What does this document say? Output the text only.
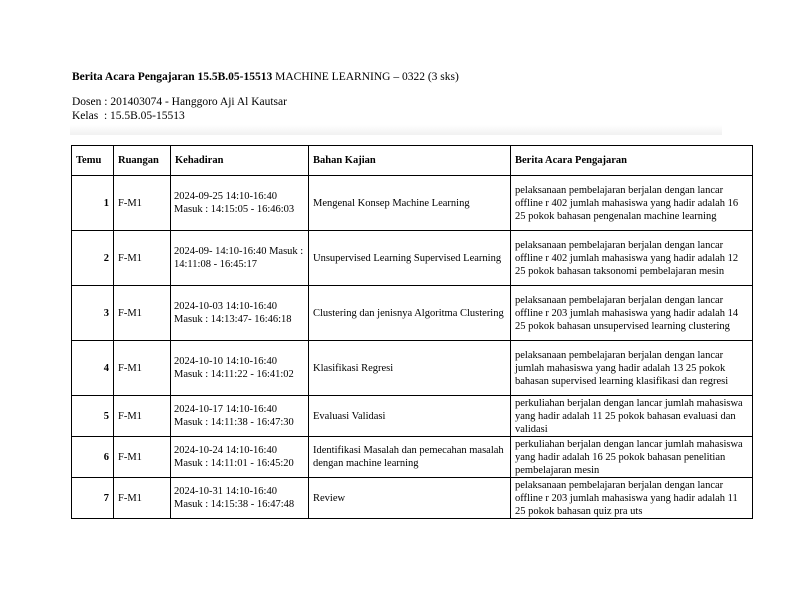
Berita Acara Pengajaran 15.5B.05-15513 MACHINE LEARNING – 0322 (3 sks)
Dosen : 201403074 - Hanggoro Aji Al Kautsar
Kelas : 15.5B.05-15513
Temu	Ruangan	Kehadiran	Bahan Kajian	Berita Acara Pengajaran
1	F-M1	2024-09-25 14:10-16:40 Masuk : 14:15:05 - 16:46:03	Mengenal Konsep Machine Learning	pelaksanaan pembelajaran berjalan dengan lancar offline r 402 jumlah mahasiswa yang hadir adalah 16 25 pokok bahasan pengenalan machine learning
2	F-M1	2024-09- 14:10-16:40 Masuk : 14:11:08 - 16:45:17	Unsupervised Learning Supervised Learning	pelaksanaan pembelajaran berjalan dengan lancar offline r 402 jumlah mahasiswa yang hadir adalah 12 25 pokok bahasan taksonomi pembelajaran mesin
3	F-M1	2024-10-03 14:10-16:40 Masuk : 14:13:47- 16:46:18	Clustering dan jenisnya Algoritma Clustering	pelaksanaan pembelajaran berjalan dengan lancar offline r 203 jumlah mahasiswa yang hadir adalah 14 25 pokok bahasan unsupervised learning clustering
4	F-M1	2024-10-10 14:10-16:40 Masuk : 14:11:22 - 16:41:02	Klasifikasi Regresi	pelaksanaan pembelajaran berjalan dengan lancar jumlah mahasiswa yang hadir adalah 13 25 pokok bahasan supervised learning klasifikasi dan regresi
5	F-M1	2024-10-17 14:10-16:40 Masuk : 14:11:38 - 16:47:30	Evaluasi Validasi	perkuliahan berjalan dengan lancar jumlah mahasiswa yang hadir adalah 11 25 pokok bahasan evaluasi dan validasi
6	F-M1	2024-10-24 14:10-16:40 Masuk : 14:11:01 - 16:45:20	Identifikasi Masalah dan pemecahan masalah dengan machine learning	perkuliahan berjalan dengan lancar jumlah mahasiswa yang hadir adalah 16 25 pokok bahasan penelitian pembelajaran mesin
7	F-M1	2024-10-31 14:10-16:40 Masuk : 14:15:38 - 16:47:48	Review	pelaksanaan pembelajaran berjalan dengan lancar offline r 203 jumlah mahasiswa yang hadir adalah 11 25 pokok bahasan quiz pra uts
